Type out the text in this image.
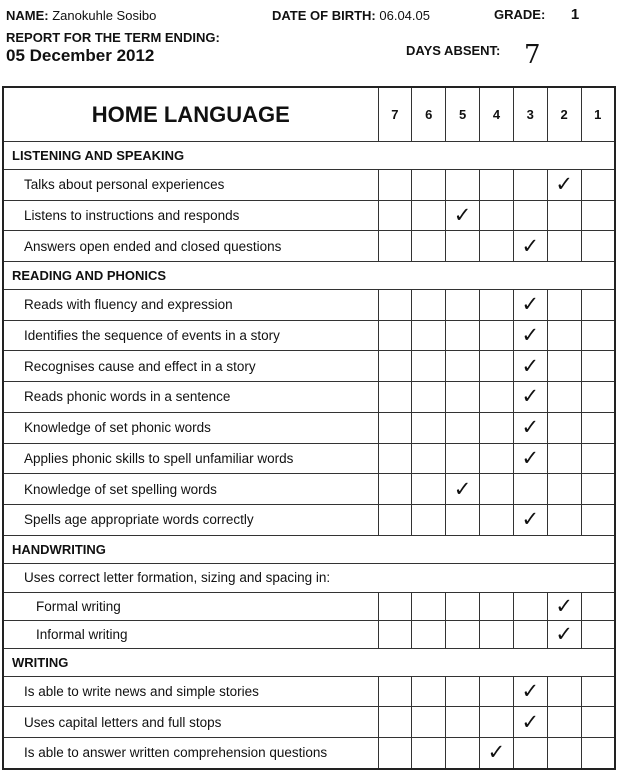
NAME: Zanokuhle Sosibo	DATE OF BIRTH: 06.04.05	GRADE: 1
REPORT FOR THE TERM ENDING:
05 December 2012	DAYS ABSENT: 7
HOME LANGUAGE	7	6	5	4	3	2	1
LISTENING AND SPEAKING							
Talks about personal experiences						✓	
Listens to instructions and responds			✓				
Answers open ended and closed questions					✓		
READING AND PHONICS							
Reads with fluency and expression					✓		
Identifies the sequence of events in a story					✓		
Recognises cause and effect in a story					✓		
Reads phonic words in a sentence					✓		
Knowledge of set phonic words					✓		
Applies phonic skills to spell unfamiliar words					✓		
Knowledge of set spelling words			✓				
Spells age appropriate words correctly					✓		
HANDWRITING							
Uses correct letter formation, sizing and spacing in:							
Formal writing						✓	
Informal writing						✓	
WRITING							
Is able to write news and simple stories					✓		
Uses capital letters and full stops					✓		
Is able to answer written comprehension questions				✓			
